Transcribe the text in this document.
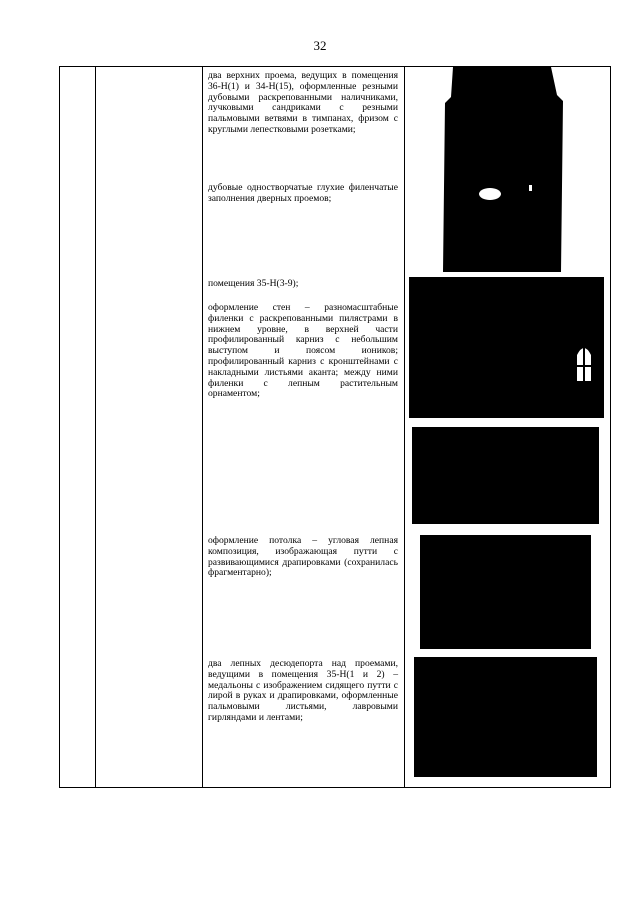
32

два верхних проема, ведущих в помещения 36-Н(1) и 34-Н(15), оформленные резными дубовыми раскрепованными наличниками, лучковыми сандриками с резными пальмовыми ветвями в тимпанах, фризом с круглыми лепестковыми розетками;

дубовые одностворчатые глухие филенчатые заполнения дверных проемов;

помещения 35-Н(3-9);

оформление стен – разномасштабные филенки с раскрепованными пилястрами в нижнем уровне, в верхней части профилированный карниз с небольшим выступом и поясом иоников; профилированный карниз с кронштейнами с накладными листьями аканта; между ними филенки с лепным растительным орнаментом;

оформление потолка – угловая лепная композиция, изображающая путти с развивающимися драпировками (сохранилась фрагментарно);

два лепных десюдепорта над проемами, ведущими в помещения 35-Н(1 и 2) – медальоны с изображением сидящего путти с лирой в руках и драпировками, оформленные пальмовыми листьями, лавровыми гирляндами и лентами;
